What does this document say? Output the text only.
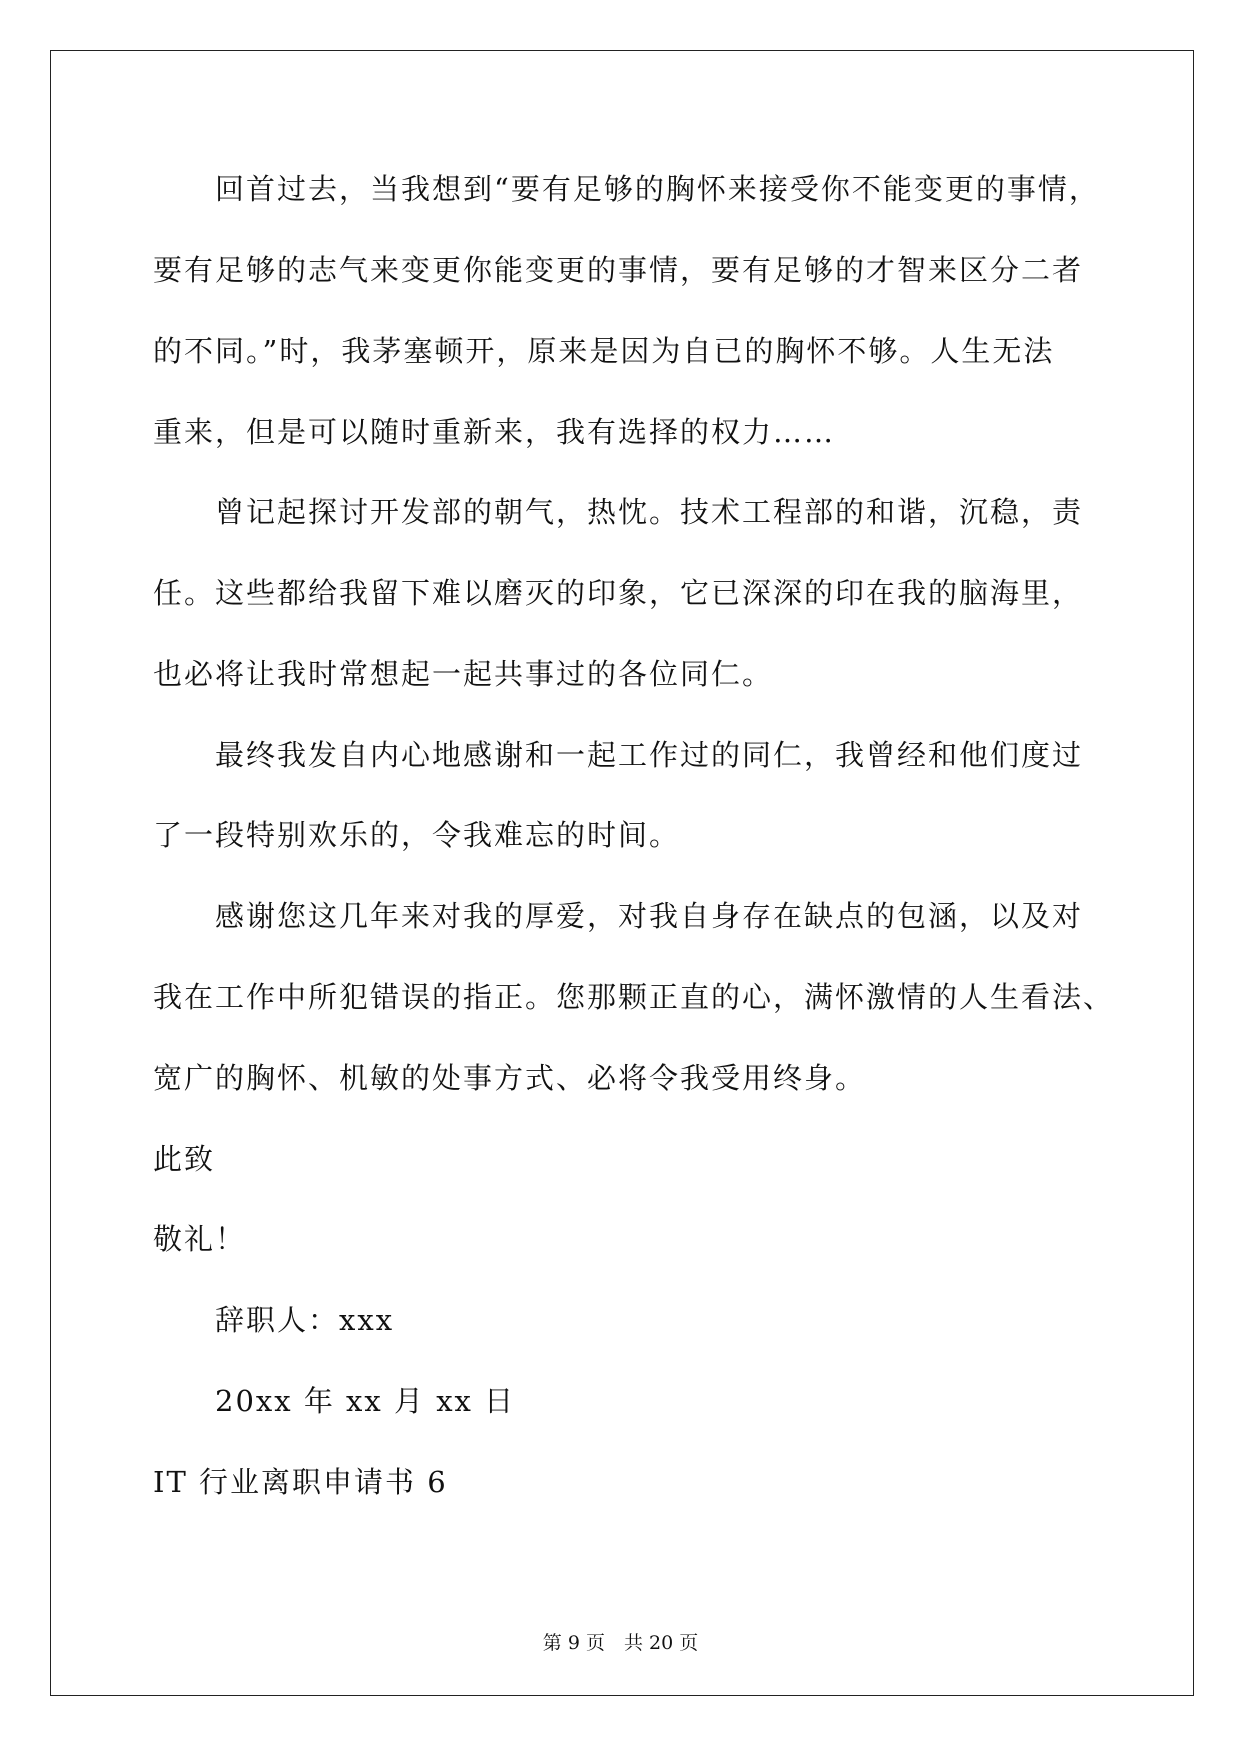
回首过去，当我想到“要有足够的胸怀来接受你不能变更的事情，
要有足够的志气来变更你能变更的事情，要有足够的才智来区分二者
的不同。”时，我茅塞顿开，原来是因为自已的胸怀不够。人生无法
重来，但是可以随时重新来，我有选择的权力……
曾记起探讨开发部的朝气，热忱。技术工程部的和谐，沉稳，责
任。这些都给我留下难以磨灭的印象，它已深深的印在我的脑海里，
也必将让我时常想起一起共事过的各位同仁。
最终我发自内心地感谢和一起工作过的同仁，我曾经和他们度过
了一段特别欢乐的，令我难忘的时间。
感谢您这几年来对我的厚爱，对我自身存在缺点的包涵，以及对
我在工作中所犯错误的指正。您那颗正直的心，满怀激情的人生看法、
宽广的胸怀、机敏的处事方式、必将令我受用终身。
此致
敬礼！
辞职人：xxx
20xx 年 xx 月 xx 日
IT 行业离职申请书 6
第 9 页　共 20 页
